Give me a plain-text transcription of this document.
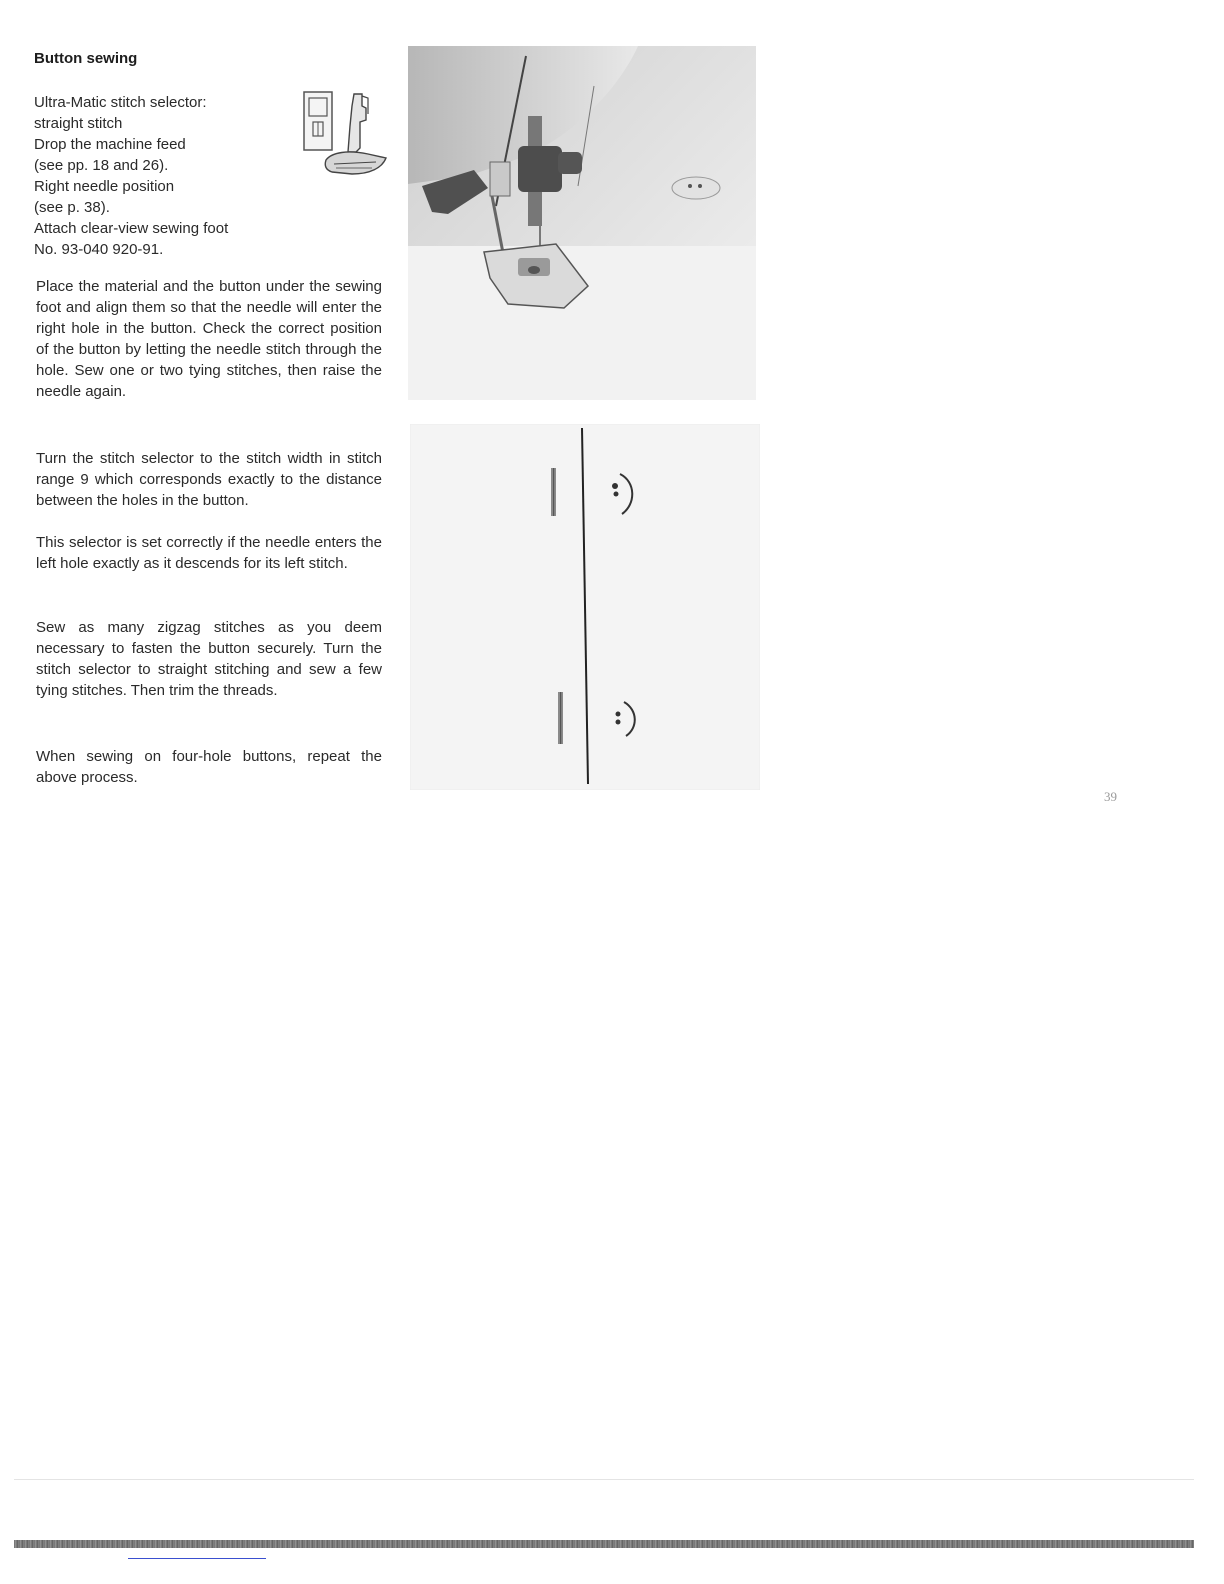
Button sewing
Ultra-Matic stitch selector:
straight stitch
Drop the machine feed
(see pp. 18 and 26).
Right needle position
(see p. 38).
Attach clear-view sewing foot
No. 93-040 920-91.
Place the material and the button under the sewing foot and align them so that the needle will enter the right hole in the button. Check the correct position of the button by letting the needle stitch through the hole. Sew one or two tying stitches, then raise the needle again.
Turn the stitch selector to the stitch width in stitch range 9 which corresponds exactly to the distance between the holes in the button.
This selector is set correctly if the needle enters the left hole exactly as it descends for its left stitch.
Sew as many zigzag stitches as you deem necessary to fasten the button securely. Turn the stitch selector to straight stitching and sew a few tying stitches. Then trim the threads.
When sewing on four-hole buttons, repeat the above process.
39
